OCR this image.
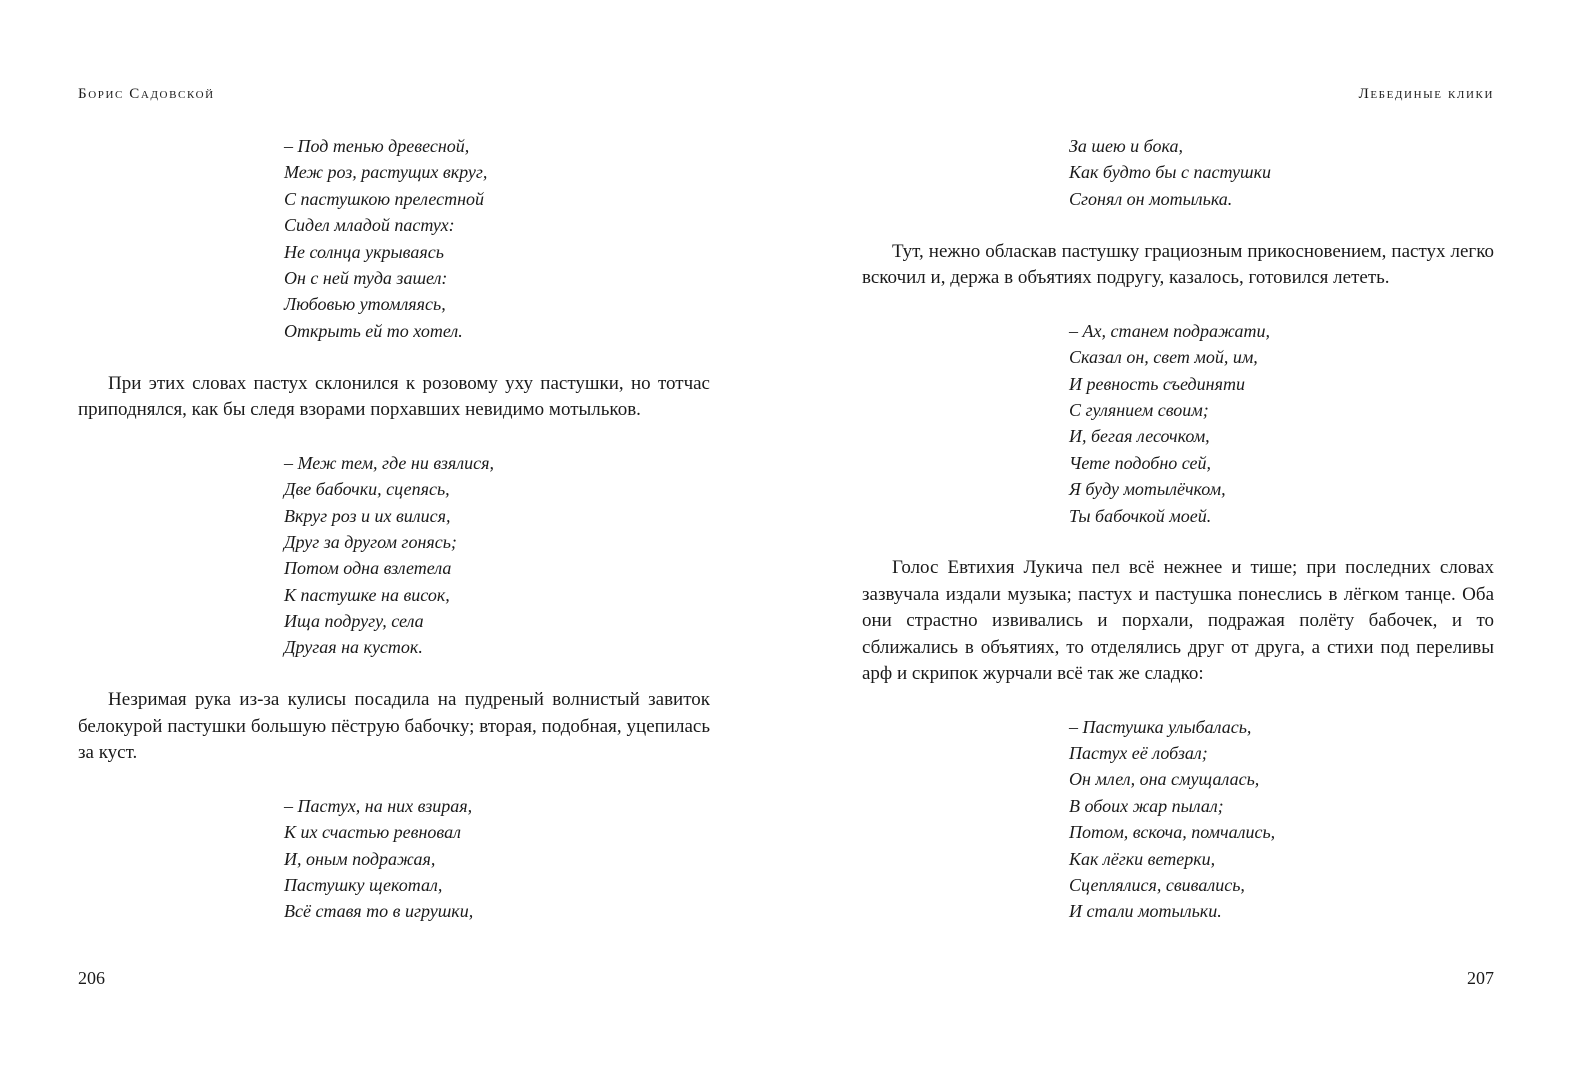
Борис Садовской
– Под тенью древесной,
Меж роз, растущих вкруг,
С пастушкою прелестной
Сидел младой пастух:
Не солнца укрываясь
Он с ней туда зашел:
Любовью утомляясь,
Открыть ей то хотел.

При этих словах пастух склонился к розовому уху пастушки, но тотчас приподнялся, как бы следя взорами порхавших невидимо мотыльков.

– Меж тем, где ни взялися,
Две бабочки, сцепясь,
Вкруг роз и их вилися,
Друг за другом гонясь;
Потом одна взлетела
К пастушке на висок,
Ища подругу, села
Другая на кусток.

Незримая рука из-за кулисы посадила на пудреный волнистый завиток белокурой пастушки большую пёструю бабочку; вторая, подобная, уцепилась за куст.

– Пастух, на них взирая,
К их счастью ревновал
И, оным подражая,
Пастушку щекотал,
Всё ставя то в игрушки,
206
Лебединые клики
За шею и бока,
Как будто бы с пастушки
Сгонял он мотылька.

Тут, нежно обласкав пастушку грациозным прикосновением, пастух легко вскочил и, держа в объятиях подругу, казалось, готовился лететь.

– Ах, станем подражати,
Сказал он, свет мой, им,
И ревность съединяти
С гулянием своим;
И, бегая лесочком,
Чете подобно сей,
Я буду мотылёчком,
Ты бабочкой моей.

Голос Евтихия Лукича пел всё нежнее и тише; при последних словах зазвучала издали музыка; пастух и пастушка понеслись в лёгком танце. Оба они страстно извивались и порхали, подражая полёту бабочек, и то сближались в объятиях, то отделялись друг от друга, а стихи под переливы арф и скрипок журчали всё так же сладко:

– Пастушка улыбалась,
Пастух её лобзал;
Он млел, она смущалась,
В обоих жар пылал;
Потом, вскоча, помчались,
Как лёгки ветерки,
Сцеплялися, свивались,
И стали мотыльки.
207
